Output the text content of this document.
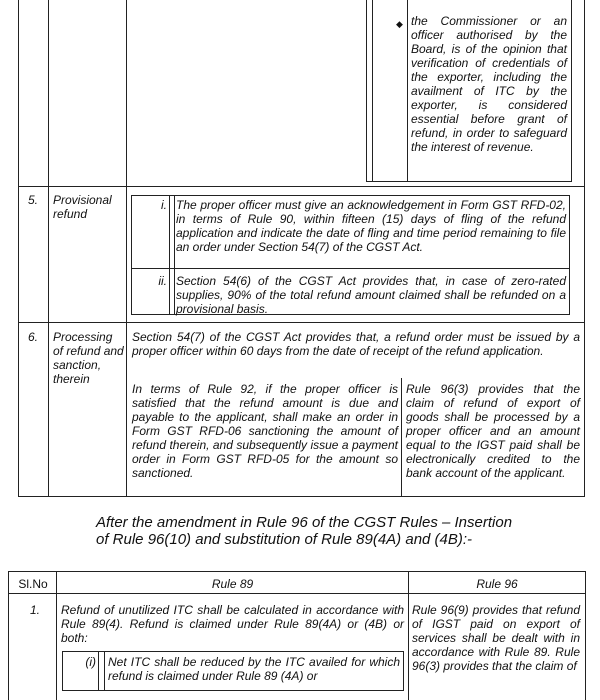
◆ the Commissioner or an officer authorised by the Board, is of the opinion that verification of credentials of the exporter, including the availment of ITC by the exporter, is considered essential before grant of refund, in order to safeguard the interest of revenue.
5. Provisional refund
i. The proper officer must give an acknowledgement in Form GST RFD-02, in terms of Rule 90, within fifteen (15) days of fling of the refund application and indicate the date of fling and time period remaining to file an order under Section 54(7) of the CGST Act.
ii. Section 54(6) of the CGST Act provides that, in case of zero-rated supplies, 90% of the total refund amount claimed shall be refunded on a provisional basis.
6. Processing of refund and sanction, therein
Section 54(7) of the CGST Act provides that, a refund order must be issued by a proper officer within 60 days from the date of receipt of the refund application.
In terms of Rule 92, if the proper officer is satisfied that the refund amount is due and payable to the applicant, shall make an order in Form GST RFD-06 sanctioning the amount of refund therein, and subsequently issue a payment order in Form GST RFD-05 for the amount so sanctioned.
Rule 96(3) provides that the claim of refund of export of goods shall be processed by a proper officer and an amount equal to the IGST paid shall be electronically credited to the bank account of the applicant.
After the amendment in Rule 96 of the CGST Rules – Insertion of Rule 96(10) and substitution of Rule 89(4A) and (4B):-
Sl.No	Rule 89	Rule 96
1. Refund of unutilized ITC shall be calculated in accordance with Rule 89(4). Refund is claimed under Rule 89(4A) or (4B) or both:
Rule 96(9) provides that refund of IGST paid on export of services shall be dealt with in accordance with Rule 89. Rule 96(3) provides that the claim of
(i) Net ITC shall be reduced by the ITC availed for which refund is claimed under Rule 89 (4A) or
